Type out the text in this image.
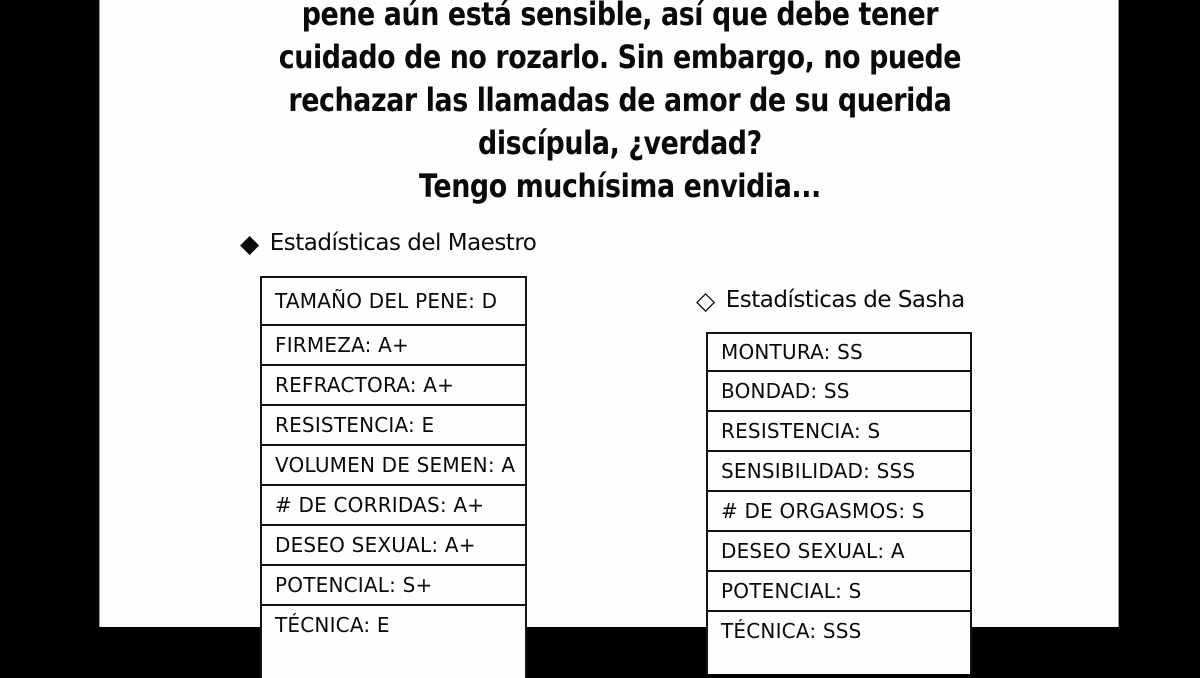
pene aún está sensible, así que debe tener
cuidado de no rozarlo. Sin embargo, no puede
rechazar las llamadas de amor de su querida
discípula, ¿verdad?
Tengo muchísima envidia...
◆ Estadísticas del Maestro
TAMAÑO DEL PENE: D
FIRMEZA: A+
REFRACTORA: A+
RESISTENCIA: E
VOLUMEN DE SEMEN: A
# DE CORRIDAS: A+
DESEO SEXUAL: A+
POTENCIAL: S+
TÉCNICA: E
◇ Estadísticas de Sasha
MONTURA: SS
BONDAD: SS
RESISTENCIA: S
SENSIBILIDAD: SSS
# DE ORGASMOS: S
DESEO SEXUAL: A
POTENCIAL: S
TÉCNICA: SSS
